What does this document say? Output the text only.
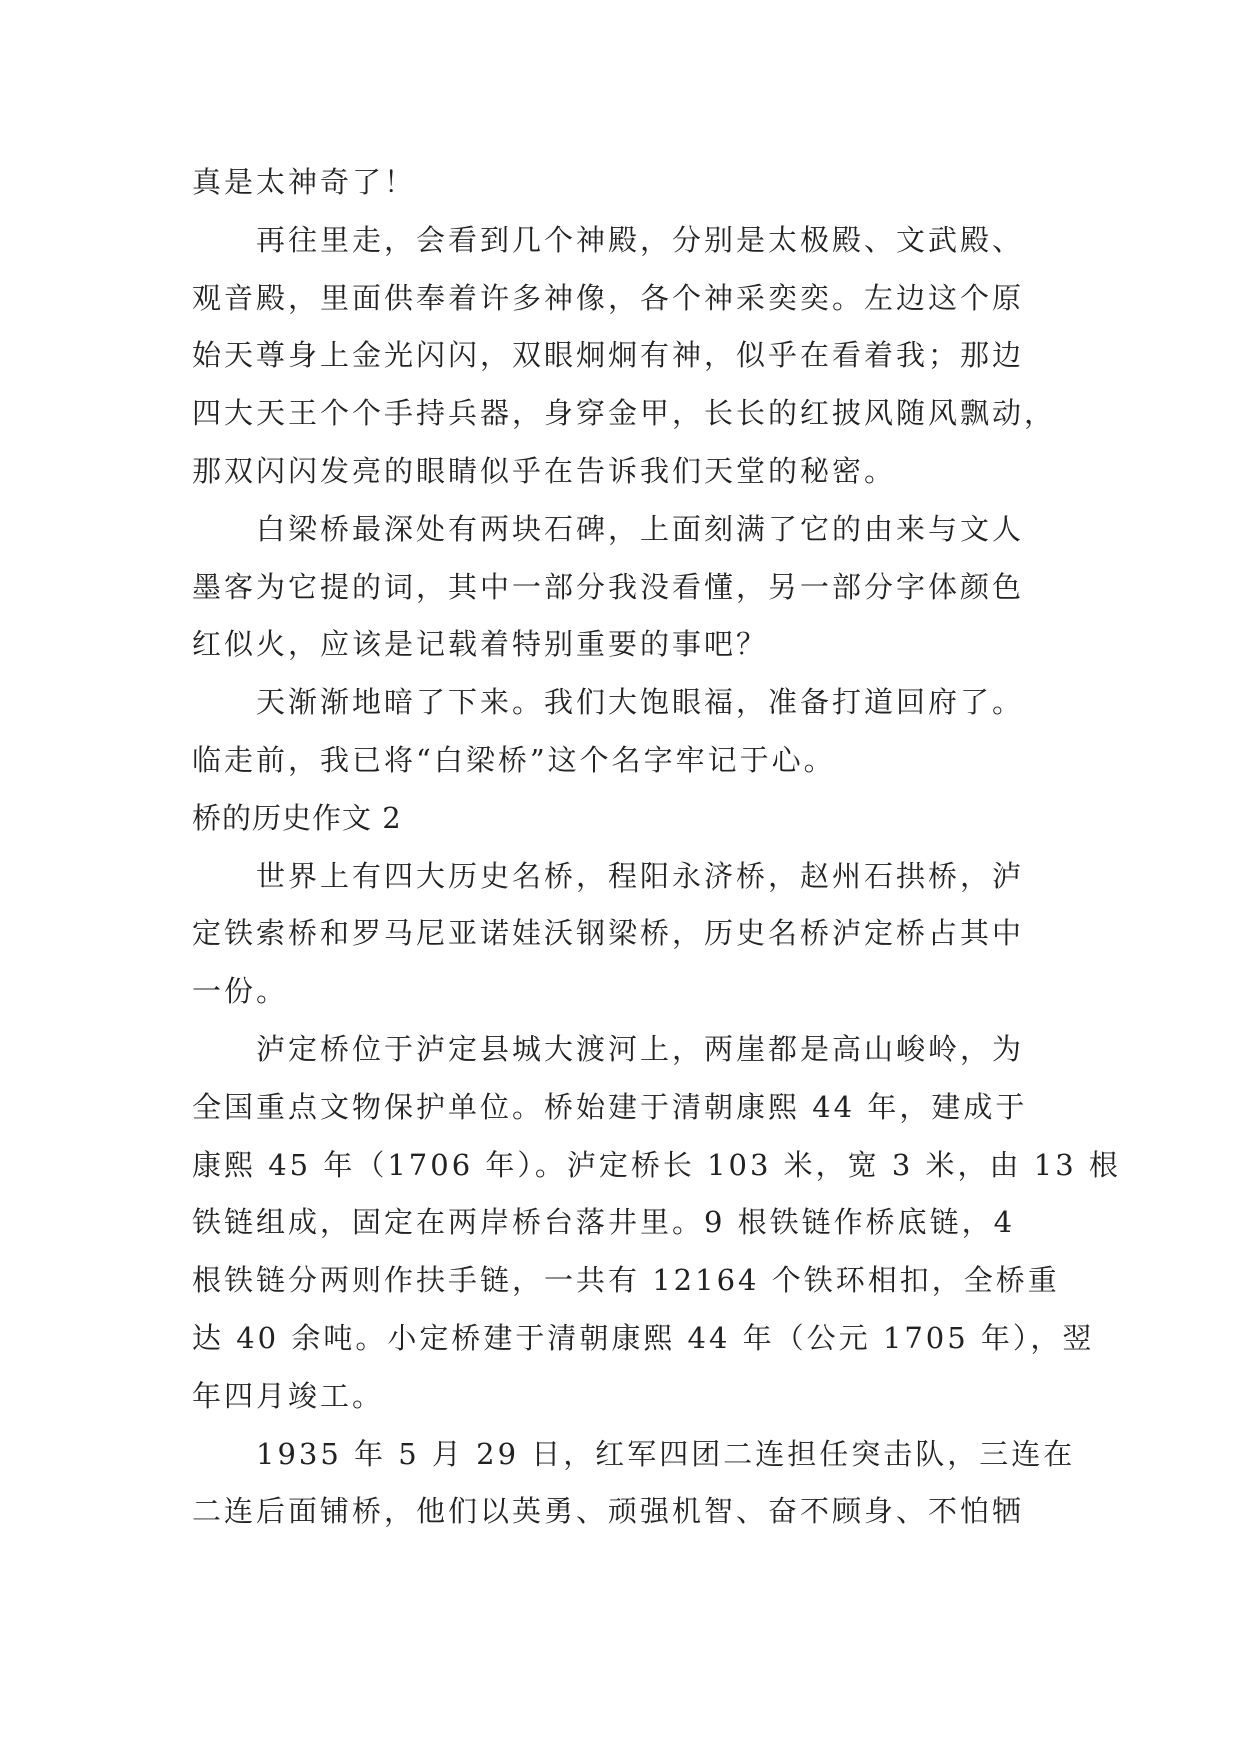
真是太神奇了！
再往里走，会看到几个神殿，分别是太极殿、文武殿、
观音殿，里面供奉着许多神像，各个神采奕奕。左边这个原
始天尊身上金光闪闪，双眼炯炯有神，似乎在看着我；那边
四大天王个个手持兵器，身穿金甲，长长的红披风随风飘动，
那双闪闪发亮的眼睛似乎在告诉我们天堂的秘密。
白梁桥最深处有两块石碑，上面刻满了它的由来与文人
墨客为它提的词，其中一部分我没看懂，另一部分字体颜色
红似火，应该是记载着特别重要的事吧？
天渐渐地暗了下来。我们大饱眼福，准备打道回府了。
临走前，我已将“白梁桥”这个名字牢记于心。
桥的历史作文 2
世界上有四大历史名桥，程阳永济桥，赵州石拱桥，泸
定铁索桥和罗马尼亚诺娃沃钢梁桥，历史名桥泸定桥占其中
一份。
泸定桥位于泸定县城大渡河上，两崖都是高山峻岭，为
全国重点文物保护单位。桥始建于清朝康熙 44 年，建成于
康熙 45 年（1706 年）。泸定桥长 103 米，宽 3 米，由 13 根
铁链组成，固定在两岸桥台落井里。9 根铁链作桥底链，4
根铁链分两则作扶手链，一共有 12164 个铁环相扣，全桥重
达 40 余吨。小定桥建于清朝康熙 44 年（公元 1705 年），翌
年四月竣工。
1935 年 5 月 29 日，红军四团二连担任突击队，三连在
二连后面铺桥，他们以英勇、顽强机智、奋不顾身、不怕牺
